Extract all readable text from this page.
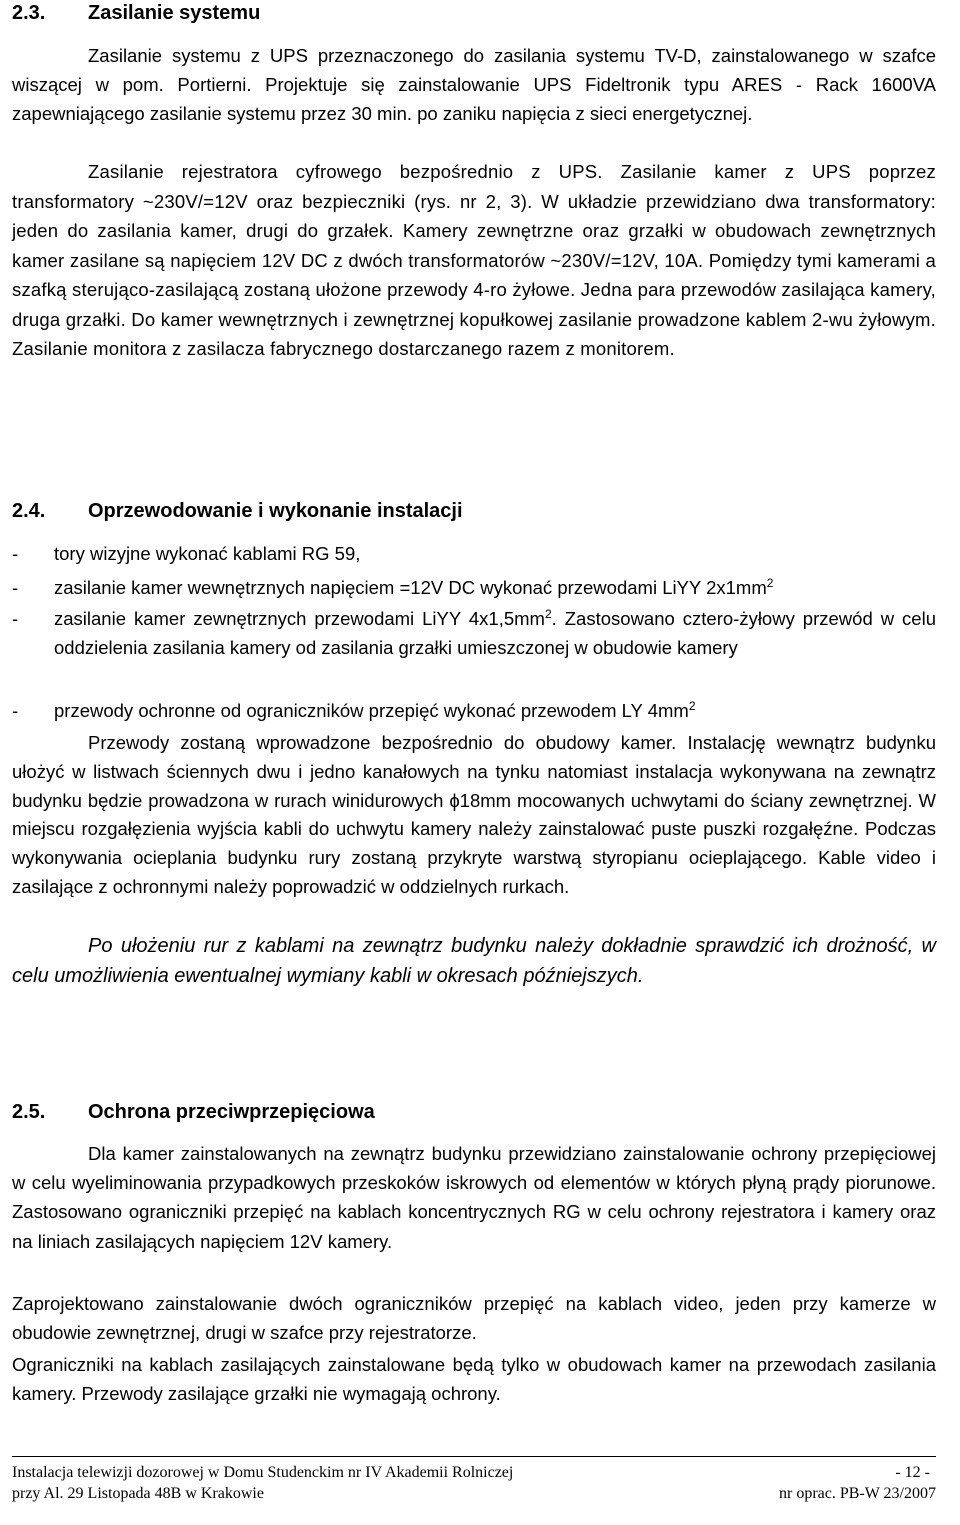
2.3. Zasilanie systemu

Zasilanie systemu z UPS przeznaczonego do zasilania systemu TV-D, zainstalowanego w szafce wiszącej w pom. Portierni. Projektuje się zainstalowanie UPS Fideltronik typu ARES - Rack 1600VA zapewniającego zasilanie systemu przez 30 min. po zaniku napięcia z sieci energetycznej.

Zasilanie rejestratora cyfrowego bezpośrednio z UPS. Zasilanie kamer z UPS poprzez transformatory ~230V/=12V oraz bezpieczniki (rys. nr 2, 3). W układzie przewidziano dwa transformatory: jeden do zasilania kamer, drugi do grzałek. Kamery zewnętrzne oraz grzałki w obudowach zewnętrznych kamer zasilane są napięciem 12V DC z dwóch transformatorów ~230V/=12V, 10A. Pomiędzy tymi kamerami a szafką sterująco-zasilającą zostaną ułożone przewody 4-ro żyłowe. Jedna para przewodów zasilająca kamery, druga grzałki. Do kamer wewnętrznych i zewnętrznej kopułkowej zasilanie prowadzone kablem 2-wu żyłowym. Zasilanie monitora z zasilacza fabrycznego dostarczanego razem z monitorem.

2.4. Oprzewodowanie i wykonanie instalacji
-	tory wizyjne wykonać kablami RG 59,
-	zasilanie kamer wewnętrznych napięciem =12V DC wykonać przewodami LiYY $2x1mm^2$
-	zasilanie kamer zewnętrznych przewodami LiYY $4x1,5mm^2$. Zastosowano cztero-żyłowy przewód w celu oddzielenia zasilania kamery od zasilania grzałki umieszczonej w obudowie kamery
-	przewody ochronne od ograniczników przepięć wykonać przewodem LY $4mm^2$

Przewody zostaną wprowadzone bezpośrednio do obudowy kamer. Instalację wewnątrz budynku ułożyć w listwach ściennych dwu i jedno kanałowych na tynku natomiast instalacja wykonywana na zewnątrz budynku będzie prowadzona w rurach winidurowych ϕ18mm mocowanych uchwytami do ściany zewnętrznej. W miejscu rozgałęzienia wyjścia kabli do uchwytu kamery należy zainstalować puste puszki rozgałęźne. Podczas wykonywania ocieplania budynku rury zostaną przykryte warstwą styropianu ocieplającego. Kable video i zasilające z ochronnymi należy poprowadzić w oddzielnych rurkach.

Po ułożeniu rur z kablami na zewnątrz budynku należy dokładnie sprawdzić ich drożność, w celu umożliwienia ewentualnej wymiany kabli w okresach późniejszych.

2.5. Ochrona przeciwprzepięciowa

Dla kamer zainstalowanych na zewnątrz budynku przewidziano zainstalowanie ochrony przepięciowej w celu wyeliminowania przypadkowych przeskoków iskrowych od elementów w których płyną prądy piorunowe. Zastosowano ograniczniki przepięć na kablach koncentrycznych RG w celu ochrony rejestratora i kamery oraz na liniach zasilających napięciem 12V kamery.

Zaprojektowano zainstalowanie dwóch ograniczników przepięć na kablach video, jeden przy kamerze w obudowie zewnętrznej, drugi w szafce przy rejestratorze.

Ograniczniki na kablach zasilających zainstalowane będą tylko w obudowach kamer na przewodach zasilania kamery. Przewody zasilające grzałki nie wymagają ochrony.

Instalacja telewizji dozorowej w Domu Studenckim nr IV Akademii Rolniczej
przy Al. 29 Listopada 48B w Krakowie
- 12 -
nr oprac. PB-W 23/2007
